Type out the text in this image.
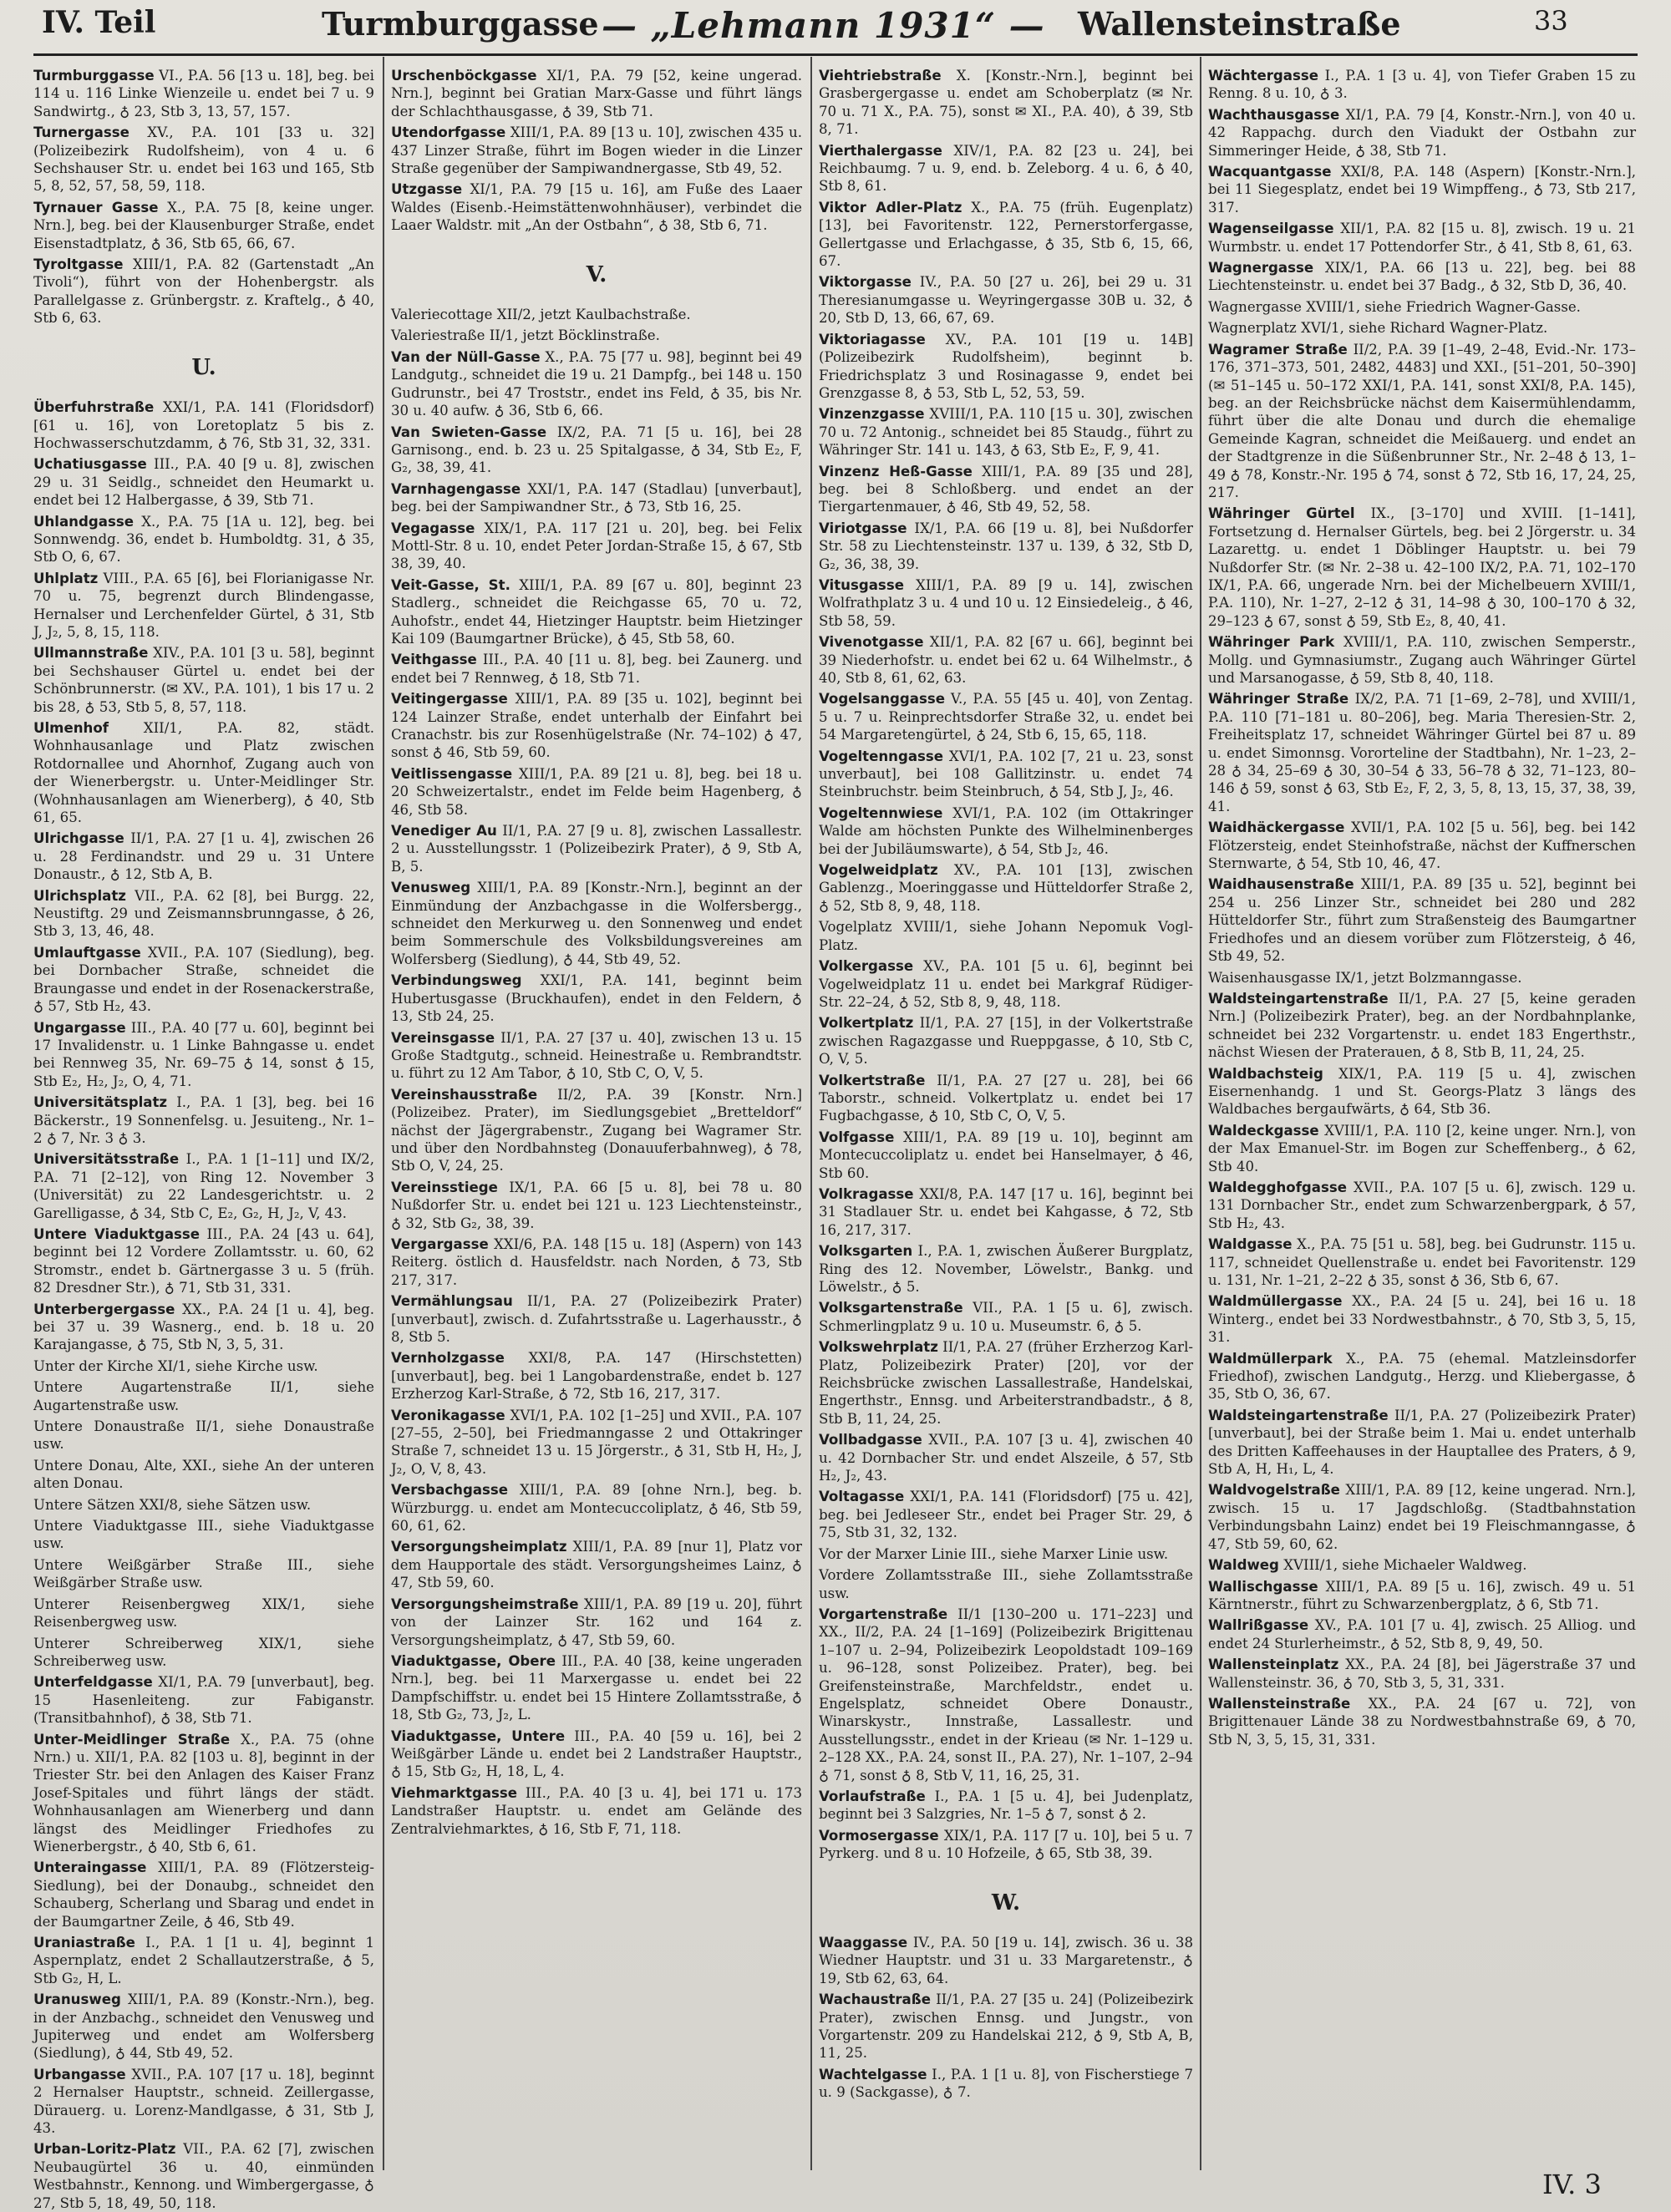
IV. Teil	Turmburggasse — „Lehmann 1931“ — Wallensteinstraße	33

Turmburggasse VI., P.A. 56 [13 u. 18], beg. bei 114 u. 116 Linke Wienzeile u. endet bei 7 u. 9 Sandwirtg., ♁ 23, Stb 3, 13, 57, 157.

Turnergasse XV., P.A. 101 [33 u. 32] (Polizeibezirk Rudolfsheim), von 4 u. 6 Sechshauser Str. u. endet bei 163 und 165, Stb 5, 8, 52, 57, 58, 59, 118.

Tyrnauer Gasse X., P.A. 75 [8, keine unger. Nrn.], beg. bei der Klausenburger Straße, endet Eisenstadtplatz, ♁ 36, Stb 65, 66, 67.

Tyroltgasse XIII/1, P.A. 82 (Gartenstadt „An Tivoli“), führt von der Hohenbergstr. als Parallelgasse z. Grünbergstr. z. Kraftelg., ♁ 40, Stb 6, 63.

U.

Überfuhrstraße XXI/1, P.A. 141 (Floridsdorf) [61 u. 16], von Loretoplatz 5 bis z. Hochwasserschutzdamm, ♁ 76, Stb 31, 32, 331.

Uchatiusgasse III., P.A. 40 [9 u. 8], zwischen 29 u. 31 Seidlg., schneidet den Heumarkt u. endet bei 12 Halbergasse, ♁ 39, Stb 71.

Uhlandgasse X., P.A. 75 [1A u. 12], beg. bei Sonnwendg. 36, endet b. Humboldtg. 31, ♁ 35, Stb O, 6, 67.

Uhlplatz VIII., P.A. 65 [6], bei Florianigasse Nr. 70 u. 75, begrenzt durch Blindengasse, Hernalser und Lerchenfelder Gürtel, ♁ 31, Stb J, J₂, 5, 8, 15, 118.

Ullmannstraße XIV., P.A. 101 [3 u. 58], beginnt bei Sechshauser Gürtel u. endet bei der Schönbrunnerstr. (✉ XV., P.A. 101), 1 bis 17 u. 2 bis 28, ♁ 53, Stb 5, 8, 57, 118.

Ulmenhof XII/1, P.A. 82, städt. Wohnhausanlage und Platz zwischen Rotdornallee und Ahornhof, Zugang auch von der Wienerbergstr. u. Unter-Meidlinger Str. (Wohnhausanlagen am Wienerberg), ♁ 40, Stb 61, 65.

Ulrichgasse II/1, P.A. 27 [1 u. 4], zwischen 26 u. 28 Ferdinandstr. und 29 u. 31 Untere Donaustr., ♁ 12, Stb A, B.

Ulrichsplatz VII., P.A. 62 [8], bei Burgg. 22, Neustiftg. 29 und Zeismannsbrunngasse, ♁ 26, Stb 3, 13, 46, 48.

Umlauftgasse XVII., P.A. 107 (Siedlung), beg. bei Dornbacher Straße, schneidet die Braungasse und endet in der Rosenackerstraße, ♁ 57, Stb H₂, 43.

Ungargasse III., P.A. 40 [77 u. 60], beginnt bei 17 Invalidenstr. u. 1 Linke Bahngasse u. endet bei Rennweg 35, Nr. 69–75 ♁ 14, sonst ♁ 15, Stb E₂, H₂, J₂, O, 4, 71.

Universitätsplatz I., P.A. 1 [3], beg. bei 16 Bäckerstr., 19 Sonnenfelsg. u. Jesuiteng., Nr. 1–2 ♁ 7, Nr. 3 ♁ 3.

Universitätsstraße I., P.A. 1 [1–11] und IX/2, P.A. 71 [2–12], von Ring 12. November 3 (Universität) zu 22 Landesgerichtstr. u. 2 Garelligasse, ♁ 34, Stb C, E₂, G₂, H, J₂, V, 43.

Untere Viaduktgasse III., P.A. 24 [43 u. 64], beginnt bei 12 Vordere Zollamtsstr. u. 60, 62 Stromstr., endet b. Gärtnergasse 3 u. 5 (früh. 82 Dresdner Str.), ♁ 71, Stb 31, 331.

Unterbergergasse XX., P.A. 24 [1 u. 4], beg. bei 37 u. 39 Wasnerg., end. b. 18 u. 20 Karajangasse, ♁ 75, Stb N, 3, 5, 31.

Unter der Kirche XI/1, siehe Kirche usw.

Untere Augartenstraße II/1, siehe Augartenstraße usw.

Untere Donaustraße II/1, siehe Donaustraße usw.

Untere Donau, Alte, XXI., siehe An der unteren alten Donau.

Untere Sätzen XXI/8, siehe Sätzen usw.

Untere Viaduktgasse III., siehe Viaduktgasse usw.

Untere Weißgärber Straße III., siehe Weißgärber Straße usw.

Unterer Reisenbergweg XIX/1, siehe Reisenbergweg usw.

Unterer Schreiberweg XIX/1, siehe Schreiberweg usw.

Unterfeldgasse XI/1, P.A. 79 [unverbaut], beg. 15 Hasenleiteng. zur Fabiganstr. (Transitbahnhof), ♁ 38, Stb 71.

Unter-Meidlinger Straße X., P.A. 75 (ohne Nrn.) u. XII/1, P.A. 82 [103 u. 8], beginnt in der Triester Str. bei den Anlagen des Kaiser Franz Josef-Spitales und führt längs der städt. Wohnhausanlagen am Wienerberg und dann längst des Meidlinger Friedhofes zu Wienerbergstr., ♁ 40, Stb 6, 61.

Unteraingasse XIII/1, P.A. 89 (Flötzersteig-Siedlung), bei der Donaubg., schneidet den Schauberg, Scherlang und Sbarag und endet in der Baumgartner Zeile, ♁ 46, Stb 49.

Uraniastraße I., P.A. 1 [1 u. 4], beginnt 1 Aspernplatz, endet 2 Schallautzerstraße, ♁ 5, Stb G₂, H, L.

Uranusweg XIII/1, P.A. 89 (Konstr.-Nrn.), beg. in der Anzbachg., schneidet den Venusweg und Jupiterweg und endet am Wolfersberg (Siedlung), ♁ 44, Stb 49, 52.

Urbangasse XVII., P.A. 107 [17 u. 18], beginnt 2 Hernalser Hauptstr., schneid. Zeillergasse, Dürauerg. u. Lorenz-Mandlgasse, ♁ 31, Stb J, 43.

Urban-Loritz-Platz VII., P.A. 62 [7], zwischen Neubaugürtel 36 u. 40, einmünden Westbahnstr., Kennong. und Wimbergergasse, ♁ 27, Stb 5, 18, 49, 50, 118.

Urschenböckgasse XI/1, P.A. 79 [52, keine ungerad. Nrn.], beginnt bei Gratian Marx-Gasse und führt längs der Schlachthausgasse, ♁ 39, Stb 71.

Utendorfgasse XIII/1, P.A. 89 [13 u. 10], zwischen 435 u. 437 Linzer Straße, führt im Bogen wieder in die Linzer Straße gegenüber der Sampiwandnergasse, Stb 49, 52.

Utzgasse XI/1, P.A. 79 [15 u. 16], am Fuße des Laaer Waldes (Eisenb.-Heimstättenwohnhäuser), verbindet die Laaer Waldstr. mit „An der Ostbahn“, ♁ 38, Stb 6, 71.

V.

Valeriecottage XII/2, jetzt Kaulbachstraße.

Valeriestraße II/1, jetzt Böcklinstraße.

Van der Nüll-Gasse X., P.A. 75 [77 u. 98], beginnt bei 49 Landgutg., schneidet die 19 u. 21 Dampfg., bei 148 u. 150 Gudrunstr., bei 47 Troststr., endet ins Feld, ♁ 35, bis Nr. 30 u. 40 aufw. ♁ 36, Stb 6, 66.

Van Swieten-Gasse IX/2, P.A. 71 [5 u. 16], bei 28 Garnisong., end. b. 23 u. 25 Spitalgasse, ♁ 34, Stb E₂, F, G₂, 38, 39, 41.

Varnhagengasse XXI/1, P.A. 147 (Stadlau) [unverbaut], beg. bei der Sampiwandner Str., ♁ 73, Stb 16, 25.

Vegagasse XIX/1, P.A. 117 [21 u. 20], beg. bei Felix Mottl-Str. 8 u. 10, endet Peter Jordan-Straße 15, ♁ 67, Stb 38, 39, 40.

Veit-Gasse, St. XIII/1, P.A. 89 [67 u. 80], beginnt 23 Stadlerg., schneidet die Reichgasse 65, 70 u. 72, Auhofstr., endet 44, Hietzinger Hauptstr. beim Hietzinger Kai 109 (Baumgartner Brücke), ♁ 45, Stb 58, 60.

Veithgasse III., P.A. 40 [11 u. 8], beg. bei Zaunerg. und endet bei 7 Rennweg, ♁ 18, Stb 71.

Veitingergasse XIII/1, P.A. 89 [35 u. 102], beginnt bei 124 Lainzer Straße, endet unterhalb der Einfahrt bei Cranachstr. bis zur Rosenhügelstraße (Nr. 74–102) ♁ 47, sonst ♁ 46, Stb 59, 60.

Veitlissengasse XIII/1, P.A. 89 [21 u. 8], beg. bei 18 u. 20 Schweizertalstr., endet im Felde beim Hagenberg, ♁ 46, Stb 58.

Venediger Au II/1, P.A. 27 [9 u. 8], zwischen Lassallestr. 2 u. Ausstellungsstr. 1 (Polizeibezirk Prater), ♁ 9, Stb A, B, 5.

Venusweg XIII/1, P.A. 89 [Konstr.-Nrn.], beginnt an der Einmündung der Anzbachgasse in die Wolfersbergg., schneidet den Merkurweg u. den Sonnenweg und endet beim Sommerschule des Volksbildungsvereines am Wolfersberg (Siedlung), ♁ 44, Stb 49, 52.

Verbindungsweg XXI/1, P.A. 141, beginnt beim Hubertusgasse (Bruckhaufen), endet in den Feldern, ♁ 13, Stb 24, 25.

Vereinsgasse II/1, P.A. 27 [37 u. 40], zwischen 13 u. 15 Große Stadtgutg., schneid. Heinestraße u. Rembrandtstr. u. führt zu 12 Am Tabor, ♁ 10, Stb C, O, V, 5.

Vereinshausstraße II/2, P.A. 39 [Konstr. Nrn.] (Polizeibez. Prater), im Siedlungsgebiet „Bretteldorf“ nächst der Jägergrabenstr., Zugang bei Wagramer Str. und über den Nordbahnsteg (Donauuferbahnweg), ♁ 78, Stb O, V, 24, 25.

Vereinsstiege IX/1, P.A. 66 [5 u. 8], bei 78 u. 80 Nußdorfer Str. u. endet bei 121 u. 123 Liechtensteinstr., ♁ 32, Stb G₂, 38, 39.

Vergargasse XXI/6, P.A. 148 [15 u. 18] (Aspern) von 143 Reiterg. östlich d. Hausfeldstr. nach Norden, ♁ 73, Stb 217, 317.

Vermählungsau II/1, P.A. 27 (Polizeibezirk Prater) [unverbaut], zwisch. d. Zufahrtsstraße u. Lagerhausstr., ♁ 8, Stb 5.

Vernholzgasse XXI/8, P.A. 147 (Hirschstetten) [unverbaut], beg. bei 1 Langobardenstraße, endet b. 127 Erzherzog Karl-Straße, ♁ 72, Stb 16, 217, 317.

Veronikagasse XVI/1, P.A. 102 [1–25] und XVII., P.A. 107 [27–55, 2–50], bei Friedmanngasse 2 und Ottakringer Straße 7, schneidet 13 u. 15 Jörgerstr., ♁ 31, Stb H, H₂, J, J₂, O, V, 8, 43.

Versbachgasse XIII/1, P.A. 89 [ohne Nrn.], beg. b. Würzburgg. u. endet am Montecuccoliplatz, ♁ 46, Stb 59, 60, 61, 62.

Versorgungsheimplatz XIII/1, P.A. 89 [nur 1], Platz vor dem Haupportale des städt. Versorgungsheimes Lainz, ♁ 47, Stb 59, 60.

Versorgungsheimstraße XIII/1, P.A. 89 [19 u. 20], führt von der Lainzer Str. 162 und 164 z. Versorgungsheimplatz, ♁ 47, Stb 59, 60.

Viaduktgasse, Obere III., P.A. 40 [38, keine ungeraden Nrn.], beg. bei 11 Marxergasse u. endet bei 22 Dampfschiffstr. u. endet bei 15 Hintere Zollamtsstraße, ♁ 18, Stb G₂, 73, J₂, L.

Viaduktgasse, Untere III., P.A. 40 [59 u. 16], bei 2 Weißgärber Lände u. endet bei 2 Landstraßer Hauptstr., ♁ 15, Stb G₂, H, 18, L, 4.

Viehmarktgasse III., P.A. 40 [3 u. 4], bei 171 u. 173 Landstraßer Hauptstr. u. endet am Gelände des Zentralviehmarktes, ♁ 16, Stb F, 71, 118.

Viehtriebstraße X. [Konstr.-Nrn.], beginnt bei Grasbergergasse u. endet am Schoberplatz (✉ Nr. 70 u. 71 X., P.A. 75), sonst ✉ XI., P.A. 40), ♁ 39, Stb 8, 71.

Vierthalergasse XIV/1, P.A. 82 [23 u. 24], bei Reichbaumg. 7 u. 9, end. b. Zeleborg. 4 u. 6, ♁ 40, Stb 8, 61.

Viktor Adler-Platz X., P.A. 75 (früh. Eugenplatz) [13], bei Favoritenstr. 122, Pernerstorfergasse, Gellertgasse und Erlachgasse, ♁ 35, Stb 6, 15, 66, 67.

Viktorgasse IV., P.A. 50 [27 u. 26], bei 29 u. 31 Theresianumgasse u. Weyringergasse 30B u. 32, ♁ 20, Stb D, 13, 66, 67, 69.

Viktoriagasse XV., P.A. 101 [19 u. 14B] (Polizeibezirk Rudolfsheim), beginnt b. Friedrichsplatz 3 und Rosinagasse 9, endet bei Grenzgasse 8, ♁ 53, Stb L, 52, 53, 59.

Vinzenzgasse XVIII/1, P.A. 110 [15 u. 30], zwischen 70 u. 72 Antonig., schneidet bei 85 Staudg., führt zu Währinger Str. 141 u. 143, ♁ 63, Stb E₂, F, 9, 41.

Vinzenz Heß-Gasse XIII/1, P.A. 89 [35 und 28], beg. bei 8 Schloßberg. und endet an der Tiergartenmauer, ♁ 46, Stb 49, 52, 58.

Viriotgasse IX/1, P.A. 66 [19 u. 8], bei Nußdorfer Str. 58 zu Liechtensteinstr. 137 u. 139, ♁ 32, Stb D, G₂, 36, 38, 39.

Vitusgasse XIII/1, P.A. 89 [9 u. 14], zwischen Wolfrathplatz 3 u. 4 und 10 u. 12 Einsiedeleig., ♁ 46, Stb 58, 59.

Vivenotgasse XII/1, P.A. 82 [67 u. 66], beginnt bei 39 Niederhofstr. u. endet bei 62 u. 64 Wilhelmstr., ♁ 40, Stb 8, 61, 62, 63.

Vogelsanggasse V., P.A. 55 [45 u. 40], von Zentag. 5 u. 7 u. Reinprechtsdorfer Straße 32, u. endet bei 54 Margaretengürtel, ♁ 24, Stb 6, 15, 65, 118.

Vogeltenngasse XVI/1, P.A. 102 [7, 21 u. 23, sonst unverbaut], bei 108 Gallitzinstr. u. endet 74 Steinbruchstr. beim Steinbruch, ♁ 54, Stb J, J₂, 46.

Vogeltennwiese XVI/1, P.A. 102 (im Ottakringer Walde am höchsten Punkte des Wilhelminenberges bei der Jubiläumswarte), ♁ 54, Stb J₂, 46.

Vogelweidplatz XV., P.A. 101 [13], zwischen Gablenzg., Moeringgasse und Hütteldorfer Straße 2, ♁ 52, Stb 8, 9, 48, 118.

Vogelplatz XVIII/1, siehe Johann Nepomuk Vogl-Platz.

Volkergasse XV., P.A. 101 [5 u. 6], beginnt bei Vogelweidplatz 11 u. endet bei Markgraf Rüdiger-Str. 22–24, ♁ 52, Stb 8, 9, 48, 118.

Volkertplatz II/1, P.A. 27 [15], in der Volkertstraße zwischen Ragazgasse und Rueppgasse, ♁ 10, Stb C, O, V, 5.

Volkertstraße II/1, P.A. 27 [27 u. 28], bei 66 Taborstr., schneid. Volkertplatz u. endet bei 17 Fugbachgasse, ♁ 10, Stb C, O, V, 5.

Volfgasse XIII/1, P.A. 89 [19 u. 10], beginnt am Montecuccoliplatz u. endet bei Hanselmayer, ♁ 46, Stb 60.

Volkragasse XXI/8, P.A. 147 [17 u. 16], beginnt bei 31 Stadlauer Str. u. endet bei Kahgasse, ♁ 72, Stb 16, 217, 317.

Volksgarten I., P.A. 1, zwischen Äußerer Burgplatz, Ring des 12. November, Löwelstr., Bankg. und Löwelstr., ♁ 5.

Volksgartenstraße VII., P.A. 1 [5 u. 6], zwisch. Schmerlingplatz 9 u. 10 u. Museumstr. 6, ♁ 5.

Volkswehrplatz II/1, P.A. 27 (früher Erzherzog Karl-Platz, Polizeibezirk Prater) [20], vor der Reichsbrücke zwischen Lassallestraße, Handelskai, Engerthstr., Ennsg. und Arbeiterstrandbadstr., ♁ 8, Stb B, 11, 24, 25.

Vollbadgasse XVII., P.A. 107 [3 u. 4], zwischen 40 u. 42 Dornbacher Str. und endet Alszeile, ♁ 57, Stb H₂, J₂, 43.

Voltagasse XXI/1, P.A. 141 (Floridsdorf) [75 u. 42], beg. bei Jedleseer Str., endet bei Prager Str. 29, ♁ 75, Stb 31, 32, 132.

Vor der Marxer Linie III., siehe Marxer Linie usw.

Vordere Zollamtsstraße III., siehe Zollamtsstraße usw.

Vorgartenstraße II/1 [130–200 u. 171–223] und XX., II/2, P.A. 24 [1–169] (Polizeibezirk Brigittenau 1–107 u. 2–94, Polizeibezirk Leopoldstadt 109–169 u. 96–128, sonst Polizeibez. Prater), beg. bei Greifensteinstraße, Marchfeldstr., endet u. Engelsplatz, schneidet Obere Donaustr., Winarskystr., Innstraße, Lassallestr. und Ausstellungsstr., endet in der Krieau (✉ Nr. 1–129 u. 2–128 XX., P.A. 24, sonst II., P.A. 27), Nr. 1–107, 2–94 ♁ 71, sonst ♁ 8, Stb V, 11, 16, 25, 31.

Vorlaufstraße I., P.A. 1 [5 u. 4], bei Judenplatz, beginnt bei 3 Salzgries, Nr. 1–5 ♁ 7, sonst ♁ 2.

Vormosergasse XIX/1, P.A. 117 [7 u. 10], bei 5 u. 7 Pyrkerg. und 8 u. 10 Hofzeile, ♁ 65, Stb 38, 39.

W.

Waaggasse IV., P.A. 50 [19 u. 14], zwisch. 36 u. 38 Wiedner Hauptstr. und 31 u. 33 Margaretenstr., ♁ 19, Stb 62, 63, 64.

Wachaustraße II/1, P.A. 27 [35 u. 24] (Polizeibezirk Prater), zwischen Ennsg. und Jungstr., von Vorgartenstr. 209 zu Handelskai 212, ♁ 9, Stb A, B, 11, 25.

Wachtelgasse I., P.A. 1 [1 u. 8], von Fischerstiege 7 u. 9 (Sackgasse), ♁ 7.

Wächtergasse I., P.A. 1 [3 u. 4], von Tiefer Graben 15 zu Renng. 8 u. 10, ♁ 3.

Wachthausgasse XI/1, P.A. 79 [4, Konstr.-Nrn.], von 40 u. 42 Rappachg. durch den Viadukt der Ostbahn zur Simmeringer Heide, ♁ 38, Stb 71.

Wacquantgasse XXI/8, P.A. 148 (Aspern) [Konstr.-Nrn.], bei 11 Siegesplatz, endet bei 19 Wimpffeng., ♁ 73, Stb 217, 317.

Wagenseilgasse XII/1, P.A. 82 [15 u. 8], zwisch. 19 u. 21 Wurmbstr. u. endet 17 Pottendorfer Str., ♁ 41, Stb 8, 61, 63.

Wagnergasse XIX/1, P.A. 66 [13 u. 22], beg. bei 88 Liechtensteinstr. u. endet bei 37 Badg., ♁ 32, Stb D, 36, 40.

Wagnergasse XVIII/1, siehe Friedrich Wagner-Gasse.

Wagnerplatz XVI/1, siehe Richard Wagner-Platz.

Wagramer Straße II/2, P.A. 39 [1–49, 2–48, Evid.-Nr. 173–176, 371–373, 501, 2482, 4483] und XXI., [51–201, 50–390] (✉ 51–145 u. 50–172 XXI/1, P.A. 141, sonst XXI/8, P.A. 145), beg. an der Reichsbrücke nächst dem Kaisermühlendamm, führt über die alte Donau und durch die ehemalige Gemeinde Kagran, schneidet die Meißauerg. und endet an der Stadtgrenze in die Süßenbrunner Str., Nr. 2–48 ♁ 13, 1–49 ♁ 78, Konstr.-Nr. 195 ♁ 74, sonst ♁ 72, Stb 16, 17, 24, 25, 217.

Währinger Gürtel IX., [3–170] und XVIII. [1–141], Fortsetzung d. Hernalser Gürtels, beg. bei 2 Jörgerstr. u. 34 Lazarettg. u. endet 1 Döblinger Hauptstr. u. bei 79 Nußdorfer Str. (✉ Nr. 2–38 u. 42–100 IX/2, P.A. 71, 102–170 IX/1, P.A. 66, ungerade Nrn. bei der Michelbeuern XVIII/1, P.A. 110), Nr. 1–27, 2–12 ♁ 31, 14–98 ♁ 30, 100–170 ♁ 32, 29–123 ♁ 67, sonst ♁ 59, Stb E₂, 8, 40, 41.

Währinger Park XVIII/1, P.A. 110, zwischen Semperstr., Mollg. und Gymnasiumstr., Zugang auch Währinger Gürtel und Marsanogasse, ♁ 59, Stb 8, 40, 118.

Währinger Straße IX/2, P.A. 71 [1–69, 2–78], und XVIII/1, P.A. 110 [71–181 u. 80–206], beg. Maria Theresien-Str. 2, Freiheitsplatz 17, schneidet Währinger Gürtel bei 87 u. 89 u. endet Simonnsg. Vororteline der Stadtbahn), Nr. 1–23, 2–28 ♁ 34, 25–69 ♁ 30, 30–54 ♁ 33, 56–78 ♁ 32, 71–123, 80–146 ♁ 59, sonst ♁ 63, Stb E₂, F, 2, 3, 5, 8, 13, 15, 37, 38, 39, 41.

Waidhäckergasse XVII/1, P.A. 102 [5 u. 56], beg. bei 142 Flötzersteig, endet Steinhofstraße, nächst der Kuffnerschen Sternwarte, ♁ 54, Stb 10, 46, 47.

Waidhausenstraße XIII/1, P.A. 89 [35 u. 52], beginnt bei 254 u. 256 Linzer Str., schneidet bei 280 und 282 Hütteldorfer Str., führt zum Straßensteig des Baumgartner Friedhofes und an diesem vorüber zum Flötzersteig, ♁ 46, Stb 49, 52.

Waisenhausgasse IX/1, jetzt Bolzmanngasse.

Waldsteingartenstraße II/1, P.A. 27 [5, keine geraden Nrn.] (Polizeibezirk Prater), beg. an der Nordbahnplanke, schneidet bei 232 Vorgartenstr. u. endet 183 Engerthstr., nächst Wiesen der Praterauen, ♁ 8, Stb B, 11, 24, 25.

Waldbachsteig XIX/1, P.A. 119 [5 u. 4], zwischen Eisernenhandg. 1 und St. Georgs-Platz 3 längs des Waldbaches bergaufwärts, ♁ 64, Stb 36.

Waldeckgasse XVIII/1, P.A. 110 [2, keine unger. Nrn.], von der Max Emanuel-Str. im Bogen zur Scheffenberg., ♁ 62, Stb 40.

Waldegghofgasse XVII., P.A. 107 [5 u. 6], zwisch. 129 u. 131 Dornbacher Str., endet zum Schwarzenbergpark, ♁ 57, Stb H₂, 43.

Waldgasse X., P.A. 75 [51 u. 58], beg. bei Gudrunstr. 115 u. 117, schneidet Quellenstraße u. endet bei Favoritenstr. 129 u. 131, Nr. 1–21, 2–22 ♁ 35, sonst ♁ 36, Stb 6, 67.

Waldmüllergasse XX., P.A. 24 [5 u. 24], bei 16 u. 18 Winterg., endet bei 33 Nordwestbahnstr., ♁ 70, Stb 3, 5, 15, 31.

Waldmüllerpark X., P.A. 75 (ehemal. Matzleinsdorfer Friedhof), zwischen Landgutg., Herzg. und Kliebergasse, ♁ 35, Stb O, 36, 67.

Waldsteingartenstraße II/1, P.A. 27 (Polizeibezirk Prater) [unverbaut], bei der Straße beim 1. Mai u. endet unterhalb des Dritten Kaffeehauses in der Hauptallee des Praters, ♁ 9, Stb A, H, H₁, L, 4.

Waldvogelstraße XIII/1, P.A. 89 [12, keine ungerad. Nrn.], zwisch. 15 u. 17 Jagdschloßg. (Stadtbahnstation Verbindungsbahn Lainz) endet bei 19 Fleischmanngasse, ♁ 47, Stb 59, 60, 62.

Waldweg XVIII/1, siehe Michaeler Waldweg.

Wallischgasse XIII/1, P.A. 89 [5 u. 16], zwisch. 49 u. 51 Kärntnerstr., führt zu Schwarzenbergplatz, ♁ 6, Stb 71.

Wallrißgasse XV., P.A. 101 [7 u. 4], zwisch. 25 Alliog. und endet 24 Sturlerheimstr., ♁ 52, Stb 8, 9, 49, 50.

Wallensteinplatz XX., P.A. 24 [8], bei Jägerstraße 37 und Wallensteinstr. 36, ♁ 70, Stb 3, 5, 31, 331.

Wallensteinstraße XX., P.A. 24 [67 u. 72], von Brigittenauer Lände 38 zu Nordwestbahnstraße 69, ♁ 70, Stb N, 3, 5, 15, 31, 331.

IV. 3
